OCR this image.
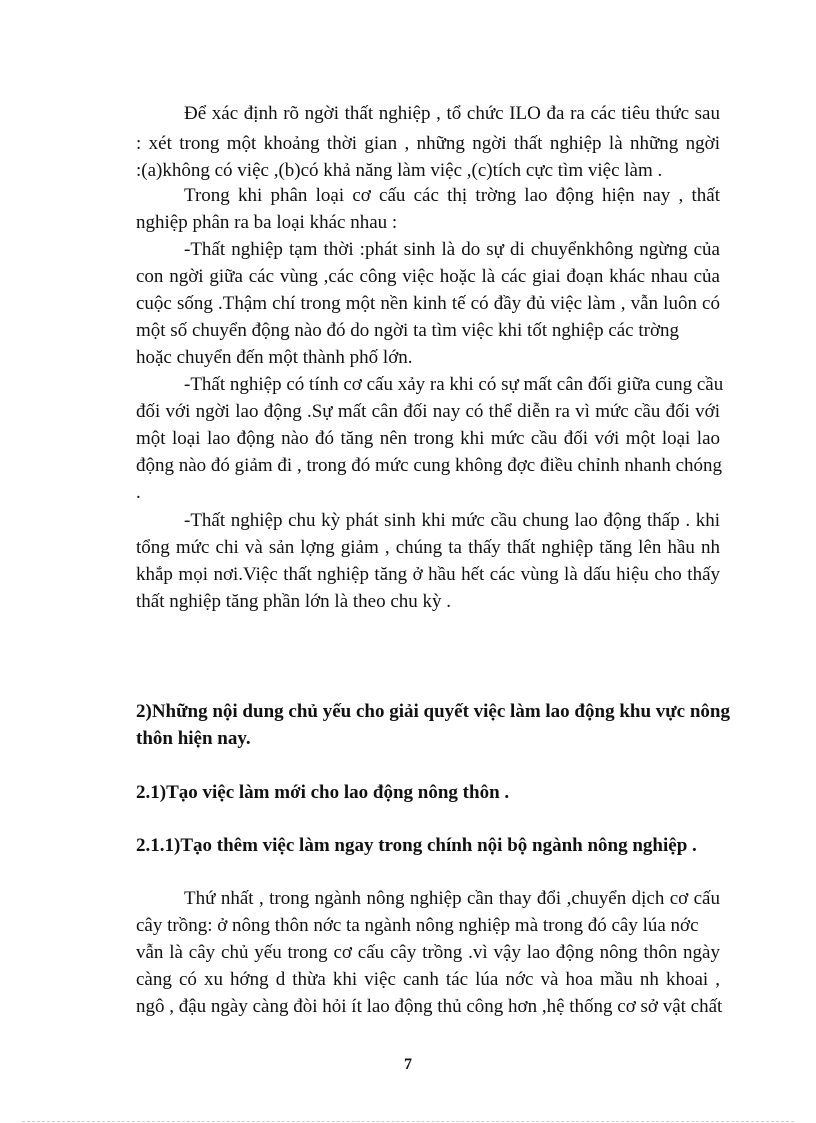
Để xác định rõ ngời thất nghiệp , tổ chức ILO đa ra các tiêu thức sau
: xét trong một khoảng thời gian , những ngời thất nghiệp là những ngời
:(a)không có việc ,(b)có khả năng làm việc ,(c)tích cực tìm việc làm .
Trong khi phân loại cơ cấu các thị trờng lao động hiện nay , thất
nghiệp phân ra ba loại khác nhau :
-Thất nghiệp tạm thời :phát sinh là do sự di chuyểnkhông ngừng của
con ngời giữa các vùng ,các công việc hoặc là các giai đoạn khác nhau của
cuộc sống .Thậm chí trong một nền kinh tế có đầy đủ việc làm , vẫn luôn có
một số chuyển động nào đó do ngời ta tìm việc khi tốt nghiệp các trờng
hoặc chuyển đến một thành phố lớn.
-Thất nghiệp có tính cơ cấu xảy ra khi có sự mất cân đối giữa cung cầu
đối với ngời lao động .Sự mất cân đối nay có thể diễn ra vì mức cầu đối với
một loại lao động nào đó tăng nên trong khi mức cầu đối với một loại lao
động nào đó giảm đi , trong đó mức cung không đợc điều chỉnh nhanh chóng
.
-Thất nghiệp chu kỳ phát sinh khi mức cầu chung lao động thấp . khi
tổng mức chi và sản lợng giảm , chúng ta thấy thất nghiệp tăng lên hầu nh
khắp mọi nơi.Việc thất nghiệp tăng ở hầu hết các vùng là dấu hiệu cho thấy
thất nghiệp tăng phần lớn là theo chu kỳ .
2)Những nội dung chủ yếu cho giải quyết việc làm lao động khu vực nông
thôn hiện nay.
2.1)Tạo việc làm mới cho lao động nông thôn .
2.1.1)Tạo thêm việc làm ngay trong chính nội bộ ngành nông nghiệp .
Thứ nhất , trong ngành nông nghiệp cần thay đổi ,chuyển dịch cơ cấu
cây trồng: ở nông thôn nớc ta ngành nông nghiệp mà trong đó cây lúa nớc
vẫn là cây chủ yếu trong cơ cấu cây trồng .vì vậy lao động nông thôn ngày
càng có xu hớng d thừa khi việc canh tác lúa nớc và hoa mầu nh khoai ,
ngô , đậu ngày càng đòi hỏi ít lao động thủ công hơn ,hệ thống cơ sở vật chất
7
